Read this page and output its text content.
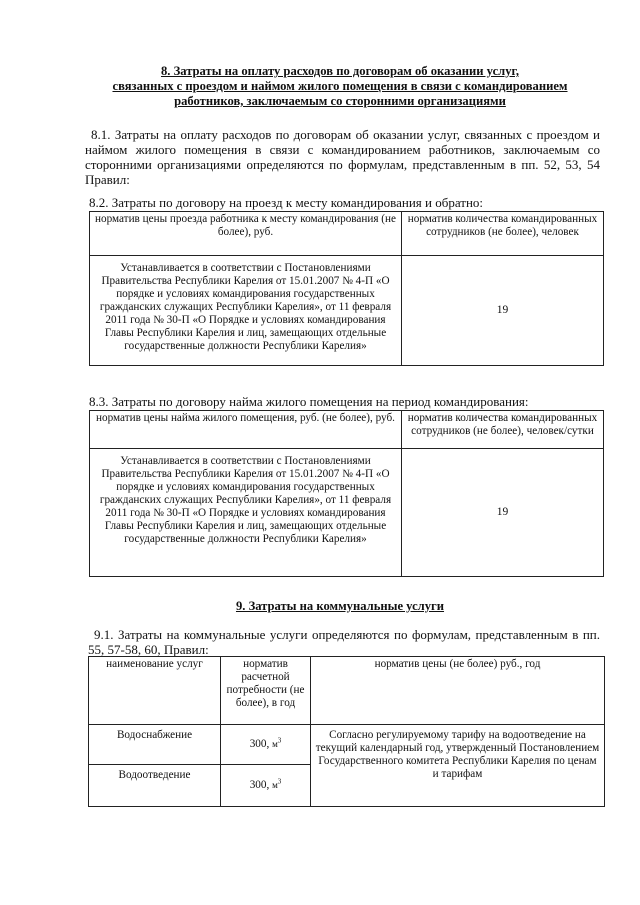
8. Затраты на оплату расходов по договорам об оказании услуг,
связанных с проездом и наймом жилого помещения в связи с командированием
работников, заключаемым со сторонними организациями
8.1. Затраты на оплату расходов по договорам об оказании услуг, связанных с проездом и наймом жилого помещения в связи с командированием работников, заключаемым со сторонними организациями определяются по формулам, представленным в пп. 52, 53, 54 Правил:
8.2. Затраты по договору на проезд к месту командирования и обратно:
норматив цены проезда работника к месту командирования (не более), руб.	норматив количества командированных сотрудников (не более), человек
Устанавливается в соответствии с Постановлениями Правительства Республики Карелия от 15.01.2007 № 4-П «О порядке и условиях командирования государственных гражданских служащих Республики Карелия», от 11 февраля 2011 года № 30-П «О Порядке и условиях командирования Главы Республики Карелия и лиц, замещающих отдельные государственные должности Республики Карелия»	19
8.3. Затраты по договору найма жилого помещения на период командирования:
норматив цены найма жилого помещения, руб. (не более), руб.	норматив количества командированных сотрудников (не более), человек/сутки
Устанавливается в соответствии с Постановлениями Правительства Республики Карелия от 15.01.2007 № 4-П «О порядке и условиях командирования государственных гражданских служащих Республики Карелия», от 11 февраля 2011 года № 30-П «О Порядке и условиях командирования Главы Республики Карелия и лиц, замещающих отдельные государственные должности Республики Карелия»	19
9. Затраты на коммунальные услуги
9.1. Затраты на коммунальные услуги определяются по формулам, представленным в пп. 55, 57-58, 60, Правил:
наименование услуг	норматив расчетной потребности (не более), в год	норматив цены (не более) руб., год
Водоснабжение	300, $м^3$	Согласно регулируемому тарифу на водоотведение на текущий календарный год, утвержденный Постановлением Государственного комитета Республики Карелия по ценам и тарифам
Водоотведение	300, $м^3$
